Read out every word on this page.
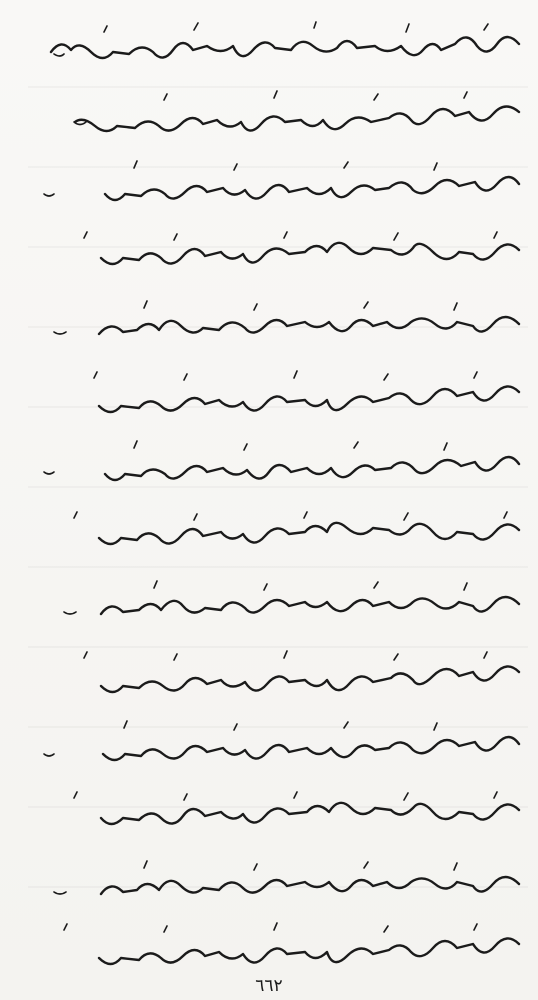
٦٦٢
